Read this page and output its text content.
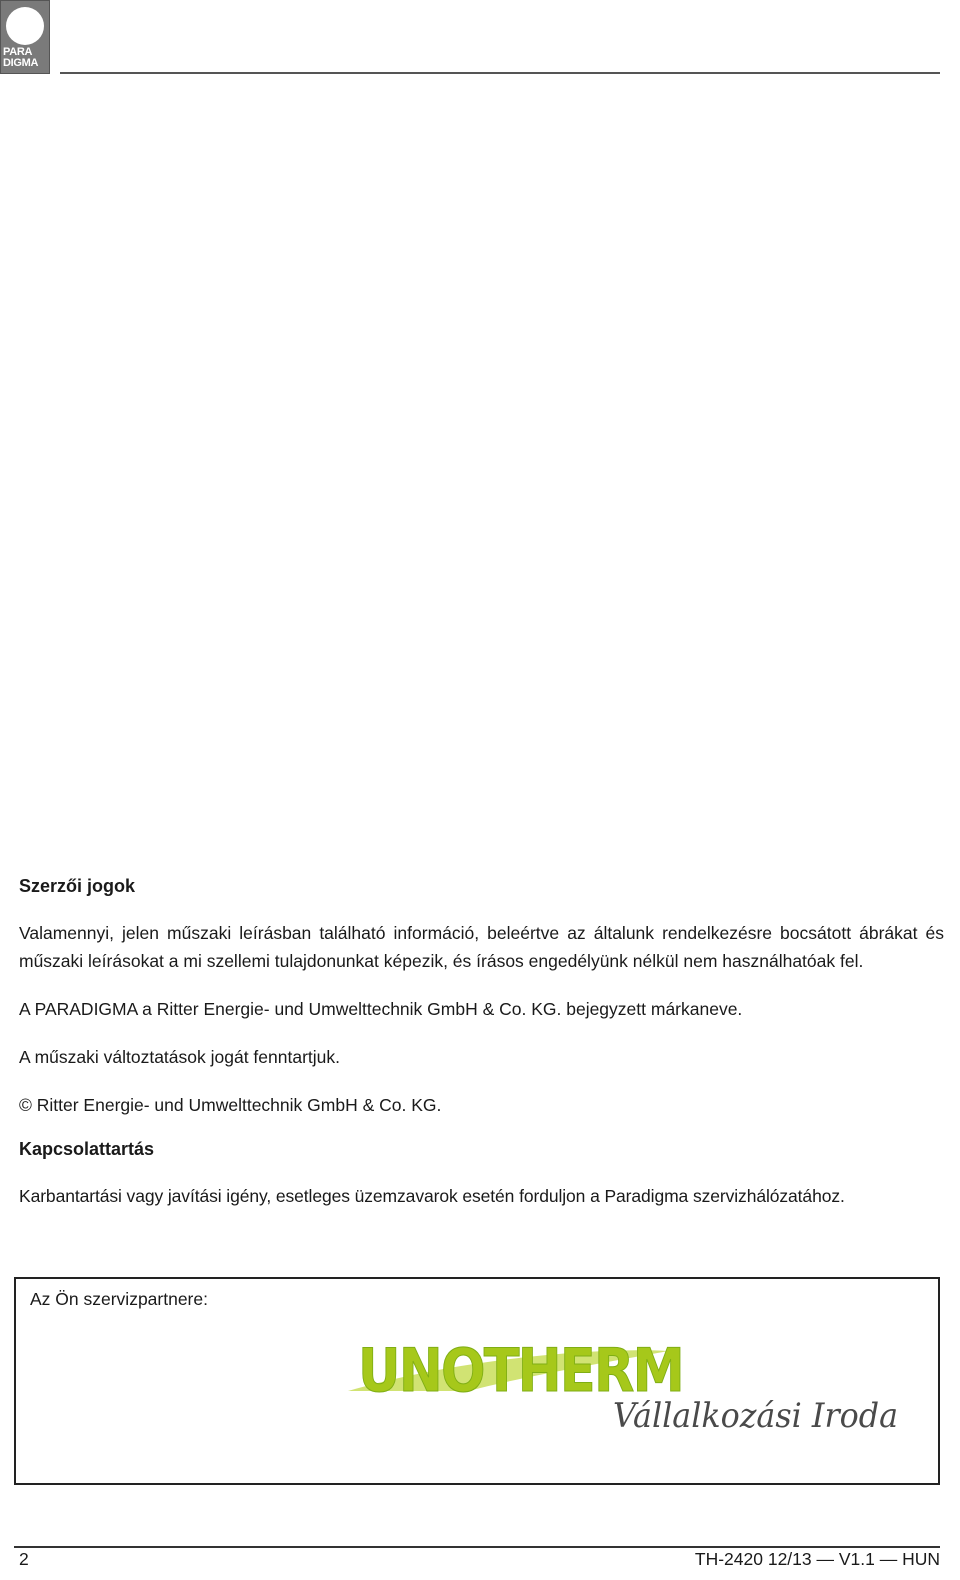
PARA
DIGMA
Szerzői jogok

Valamennyi, jelen műszaki leírásban található információ, beleértve az általunk rendelkezésre bocsátott ábrákat és műszaki leírásokat a mi szellemi tulajdonunkat képezik, és írásos engedélyünk nélkül nem használhatóak fel.

A PARADIGMA a Ritter Energie- und Umwelttechnik GmbH & Co. KG. bejegyzett márkaneve.

A műszaki változtatások jogát fenntartjuk.

© Ritter Energie- und Umwelttechnik GmbH & Co. KG.

Kapcsolattartás

Karbantartási vagy javítási igény, esetleges üzemzavarok esetén forduljon a Paradigma szervizhálózatához.

Az Ön szervizpartnere:
UNOTHERM
Vállalkozási Iroda
2	TH-2420 12/13 — V1.1 — HUN
